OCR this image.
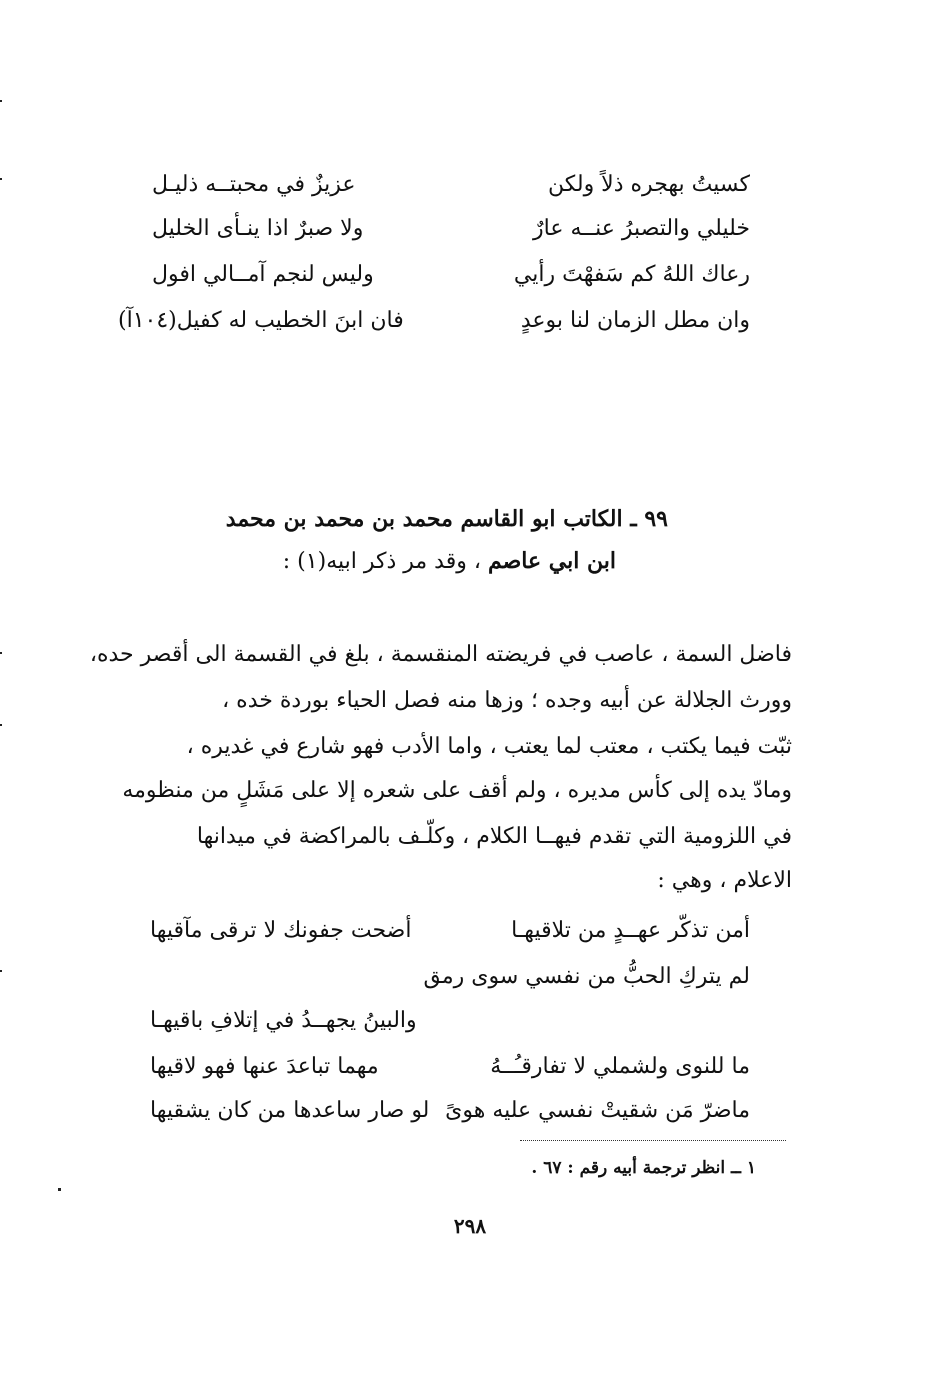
كسيتُ بهجره ذلاً ولكن
عزيزٌ في محبتــه ذليـل
خليلي والتصبرُ عنــه عارٌ
ولا صبرٌ اذا ينـأى الخليل
رعاك اللهُ كم سَفهْتَ رأيي
وليس لنجم آمــالي افول
وان مطل الزمان لنا بوعدٍ
فان ابنَ الخطيب له كفيل(١٠٤آ)
٩٩ ـ الكاتب ابو القاسم محمد بن محمد بن محمد
ابن ابي عاصم ، وقد مر ذكر ابيه(١) :
فاضل السمة ، عاصب في فريضته المنقسمة ، بلغ في القسمة الى أقصر حده،
وورث الجلالة عن أبيه وجده ؛ وزها منه فصل الحياء بوردة خده ،
ثبّت فيما يكتب ، معتب لما يعتب ، واما الأدب فهو شارع في غديره ،
ومادّ يده إلى كأس مديره ، ولم أقف على شعره إلا على مَشَلٍ من منظومه
في اللزومية التي تقدم فيهــا الكلام ، وكلّـف بالمراكضة في ميدانها
الاعلام ، وهي :
أمن تذكّر عهــدٍ من تلاقيهـا
أضحت جفونك لا ترقى مآقيها
لم يتركِ الحبُّ من نفسي سوى رمق
والبينُ يجهــدُ في إتلافِ باقيهـا
ما للنوى ولشملي لا تفارقـُــهُ
مهما تباعدَ عنها فهو لاقيها
ماضرّ مَن شقيتْ نفسي عليه هوىً
لو صار ساعدها من كان يشقيها
١ ــ انظر ترجمة أبيه رقم : ٦٧ .
٢٩٨
